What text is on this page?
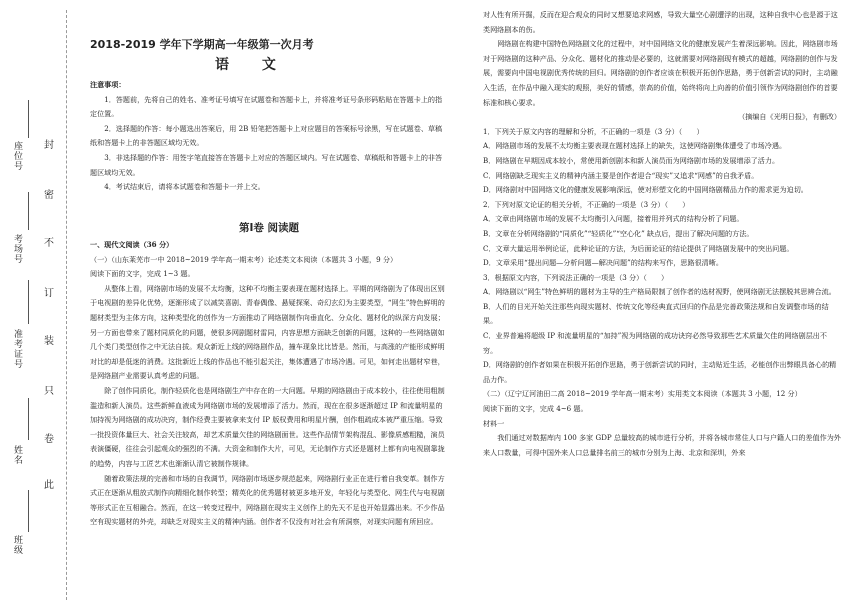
封
密
不
订
装
只
卷
此
座位号
考场号
准考证号
姓名
班级
2018-2019 学年下学期高一年级第一次月考
语 文

注意事项：

1．答题前，先将自己的姓名、准考证号填写在试题卷和答题卡上，并将准考证号条形码粘贴在答题卡上的指定位置。

2．选择题的作答：每小题选出答案后，用 2B 铅笔把答题卡上对应题目的答案标号涂黑，写在试题卷、草稿纸和答题卡上的非答题区域均无效。

3．非选择题的作答：用签字笔直接答在答题卡上对应的答题区域内。写在试题卷、草稿纸和答题卡上的非答题区域均无效。

4．考试结束后，请将本试题卷和答题卡一并上交。

第Ⅰ卷 阅读题

一、现代文阅读（36 分）

（一）（山东莱芜市一中 2018~2019 学年高一期末考）论述类文本阅读（本题共 3 小题，9 分）

阅读下面的文字，完成 1~3 题。

从整体上看，网络剧市场的发展不太均衡，这种不均衡主要表现在题材选择上。平期的网络剧为了体现出区别于电视剧的差异化优势，逐渐形成了以减笑喜剧、青春偶像、悬疑探案、奇幻玄幻为主要类型，“网生”特色鲜明的题材类型为主体方向，这种类型化的创作为一方面推动了网络剧制作向垂直化、分众化、题材化的纵深方向发展；另一方面也带来了题材同质化的问题，使很多网剧题材雷同，内容思想方面缺乏创新的问题，这种的一些网络剧如几个类门类型创作之中无法自拔。观众新近上线的网络剧作品，撞车现象比比皆是。然而，与高涨的产能形成鲜明对比的却是低迷的消费。这批新近上线的作品也不能引起关注，集体遭遇了市场冷遇。可见，如何走出题材窄巷，是网络剧产业需要认真考虑的问题。

除了创作同质化，制作轻质化也是网络剧生产中存在的一大问题。早期的网络剧由于成本较小，往往使用粗制滥造和新人演员。这些新鲜血液成为网络剧市场的发展增添了活力。然而，现在在很多逐渐超过 IP 和流量明星的加持视为网络剧的成功决窍，制作经费主要被拿来支付 IP 版权费用和明星片酬，创作粗疏成本被严重压缩。导致一批投资体量巨大、社会关注较高，却艺术质量欠佳的网络剧面世。这些作品情节架构混乱、影像质感粗糙，演员表演僵硬，往往会引起观众的强烈的不满。大资金和制作大片，可见，无论制作方式还是题材上都有向电视剧靠拢的趋势，内容与工匠艺术也渐渐认清它被制作规律。

随着政策法规的完善和市场的自我调节，网络剧市场逐步规范起来，网络剧行业正在进行着自我变革。制作方式正在逐渐从粗放式制作向精细化制作转型；精英化的优秀题材被更多地开发，年轻化与类型化、网生代与电视剧等形式正在互相融合。然而，在这一转变过程中，网络剧在现实主义创作上的先天不足也开始显露出来。不少作品空有现实题材的外壳，却缺乏对现实主义的精神内涵。创作者不仅没有对社会有所洞察，对现实问题有所回应。

对人性有所开掘，反而在迎合观众的同时又想要追求网感，导致大量空心剧遭浮的出现，这种自我中心也是源于这类网络剧本的伤。

网络剧在构建中国特色网络剧文化的过程中，对中国网络文化的健康发展产生着深远影响。因此，网络剧市场对于网络剧的这种产品、分众化、题材化的推动是必要的，这就需要对网络剧现有模式的超越，网络剧的创作与发展，需要向中国电视剧优秀传统的回归。网络剧的创作者应该在积极开拓创作思路，勇于创新尝试的同时，主动融入生活，在作品中融入现实的观照，美好的情感，崇高的价值，始终将向上向善的价值引领作为网络剧创作的首要标准和核心要求。

（摘编自《光明日报》，有删改）

1．下列关于原文内容的理解和分析，不正确的一项是（3 分）（　　）

A．网络剧市场的发展不太均衡主要表现在题材选择上的缺失，这使网络剧集体遭受了市场冷遇。

B．网络剧在早期因成本较小，常使用新创剧本和新人演员而为网络剧市场的发展增添了活力。

C．网络剧缺乏现实主义的精神内涵主要是创作者迎合“现实”又追求“网感”的自我矛盾。

D．网络剧对中国网络文化的健康发展影响深远，使对形塑文化的中国网络剧精品力作的需求更为迫切。

2．下列对原文论证的相关分析，不正确的一项是（3 分）（　　）

A．文章由网络剧市场的发展不太均衡引入问题，接着用并列式的结构分析了问题。

B．文章在分析网络剧的“同质化”“轻质化”“空心化” 缺点后，提出了解决问题的方法。

C．文章大量运用举例论证，此种论证的方法，为后面论证的结论提供了网络剧发展中的突出问题。

D．文章采用“提出问题—分析问题—解决问题”的结构来写作，思路很清晰。

3．根据原文内容，下列说法正确的一项是（3 分）（　　）

A．网络剧以“网生”特色鲜明的题材为主导的生产格局限制了创作者的选材视野，使网络剧无法摆脱其思辨合流。

B．人们的目光开始关注那些向现实题材、传统文化等经典直式回归的作品是完善政策法规和自发调整市场的结果。

C．业界普遍将超级 IP 和流量明星的“加持”视为网络剧的成功诀窍必然导致那些艺术质量欠佳的网络剧层出不穷。

D．网络剧的创作者如果在积极开拓创作思路，勇于创新尝试的同时，主动贴近生活，必能创作出弊眼具备心的精品力作。

（二）（辽宁辽河油田二高 2018~2019 学年高一期末考）实用类文本阅读（本题共 3 小题，12 分）

阅读下面的文字，完成 4~6 题。

材料一

我们通过对数据库内 100 多家 GDP 总量较高的城市进行分析，并将各城市常住人口与户籍人口的差值作为外来人口数量，可得中国外来人口总量排名前三的城市分别为上海、北京和深圳，外来
